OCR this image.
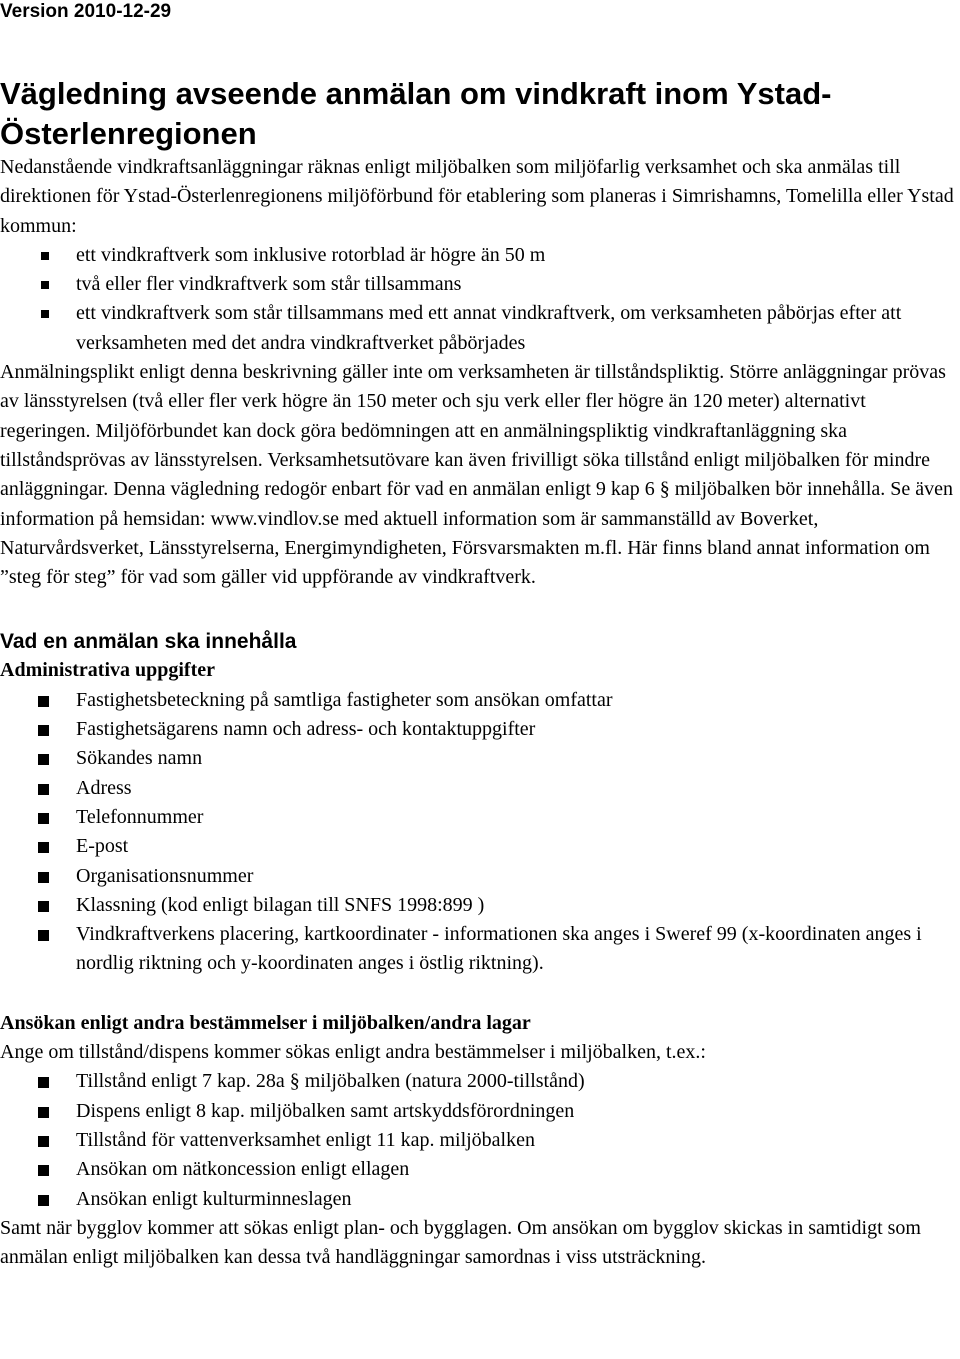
Version 2010-12-29
Vägledning avseende anmälan om vindkraft inom Ystad-Österlenregionen

Nedanstående vindkraftsanläggningar räknas enligt miljöbalken som miljöfarlig verksamhet och ska anmälas till direktionen för Ystad-Österlenregionens miljöförbund för etablering som planeras i Simrishamns, Tomelilla eller Ystad kommun:

ett vindkraftverk som inklusive rotorblad är högre än 50 m
två eller fler vindkraftverk som står tillsammans
ett vindkraftverk som står tillsammans med ett annat vindkraftverk, om verksamheten påbörjas efter att verksamheten med det andra vindkraftverket påbörjades

Anmälningsplikt enligt denna beskrivning gäller inte om verksamheten är tillståndspliktig. Större anläggningar prövas av länsstyrelsen (två eller fler verk högre än 150 meter och sju verk eller fler högre än 120 meter) alternativt regeringen. Miljöförbundet kan dock göra bedömningen att en anmälningspliktig vindkraftanläggning ska tillståndsprövas av länsstyrelsen. Verksamhetsutövare kan även frivilligt söka tillstånd enligt miljöbalken för mindre anläggningar. Denna vägledning redogör enbart för vad en anmälan enligt 9 kap 6 § miljöbalken bör innehålla. Se även information på hemsidan: www.vindlov.se med aktuell information som är sammanställd av Boverket, Naturvårdsverket, Länsstyrelserna, Energimyndigheten, Försvarsmakten m.fl. Här finns bland annat information om ”steg för steg” för vad som gäller vid uppförande av vindkraftverk.

Vad en anmälan ska innehålla
Administrativa uppgifter
Fastighetsbeteckning på samtliga fastigheter som ansökan omfattar
Fastighetsägarens namn och adress- och kontaktuppgifter
Sökandes namn
Adress
Telefonnummer
E-post
Organisationsnummer
Klassning (kod enligt bilagan till SNFS 1998:899 )
Vindkraftverkens placering, kartkoordinater - informationen ska anges i Sweref 99 (x-koordinaten anges i nordlig riktning och y-koordinaten anges i östlig riktning).
Ansökan enligt andra bestämmelser i miljöbalken/andra lagar

Ange om tillstånd/dispens kommer sökas enligt andra bestämmelser i miljöbalken, t.ex.:

Tillstånd enligt 7 kap. 28a § miljöbalken (natura 2000-tillstånd)
Dispens enligt 8 kap. miljöbalken samt artskyddsförordningen
Tillstånd för vattenverksamhet enligt 11 kap. miljöbalken
Ansökan om nätkoncession enligt ellagen
Ansökan enligt kulturminneslagen

Samt när bygglov kommer att sökas enligt plan- och bygglagen. Om ansökan om bygglov skickas in samtidigt som anmälan enligt miljöbalken kan dessa två handläggningar samordnas i viss utsträckning.
